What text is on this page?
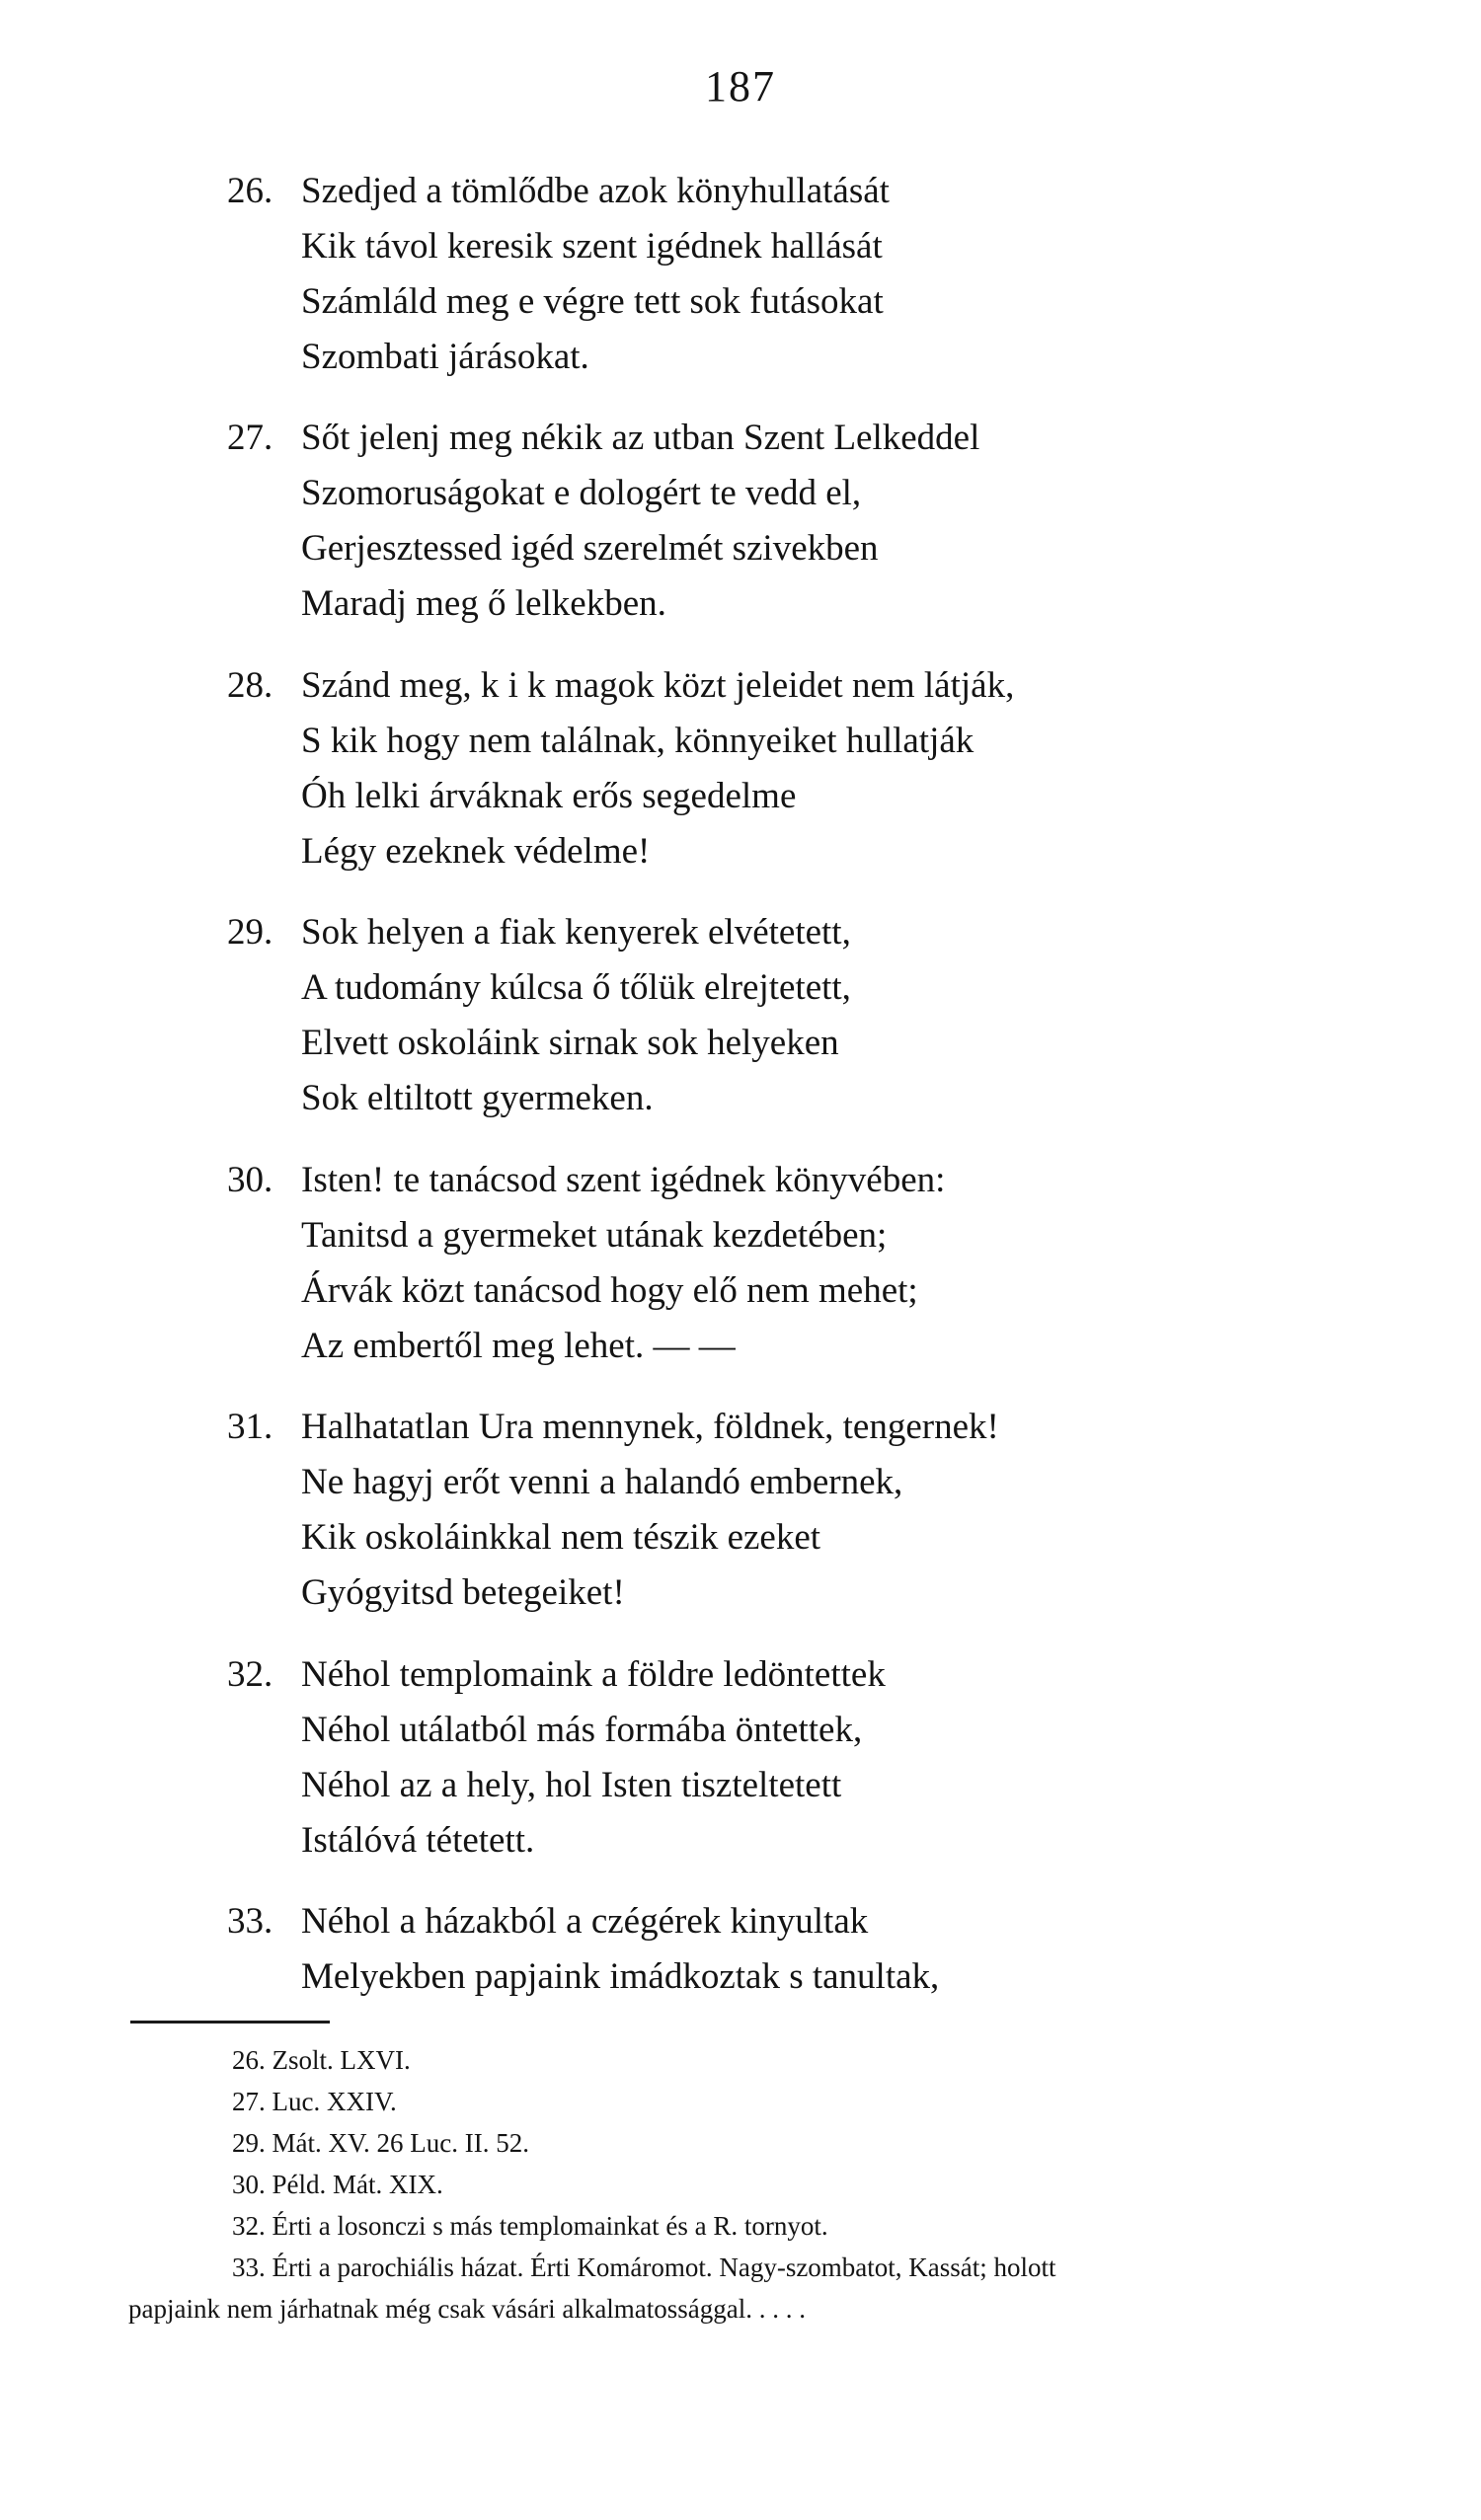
187
26. Szedjed a tömlődbe azok könyhullatását
Kik távol keresik szent igédnek hallását
Számláld meg e végre tett sok futásokat
Szombati járásokat.
27. Sőt jelenj meg nékik az utban Szent Lelkeddel
Szomoruságokat e dologért te vedd el,
Gerjesztessed igéd szerelmét szivekben
Maradj meg ő lelkekben.
28. Szánd meg, k i k magok közt jeleidet nem látják,
S kik hogy nem találnak, könnyeiket hullatják
Óh lelki árváknak erős segedelme
Légy ezeknek védelme!
29. Sok helyen a fiak kenyerek elvétetett,
A tudomány kúlcsa ő tőlük elrejtetett,
Elvett oskoláink sirnak sok helyeken
Sok eltiltott gyermeken.
30. Isten! te tanácsod szent igédnek könyvében:
Tanitsd a gyermeket utának kezdetében;
Árvák közt tanácsod hogy elő nem mehet;
Az embertől meg lehet. — —
31. Halhatatlan Ura mennynek, földnek, tengernek!
Ne hagyj erőt venni a halandó embernek,
Kik oskoláinkkal nem tészik ezeket
Gyógyitsd betegeiket!
32. Néhol templomaink a földre ledöntettek
Néhol utálatból más formába öntettek,
Néhol az a hely, hol Isten tiszteltetett
Istálóvá tétetett.
33. Néhol a házakból a czégérek kinyultak
Melyekben papjaink imádkoztak s tanultak,
26. Zsolt. LXVI.
27. Luc. XXIV.
29. Mát. XV. 26 Luc. II. 52.
30. Péld. Mát. XIX.
32. Érti a losonczi s más templomainkat és a R. tornyot.
33. Érti a parochiális házat. Érti Komáromot. Nagy-szombatot, Kassát; holott
papjaink nem járhatnak még csak vásári alkalmatossággal. . . . .
